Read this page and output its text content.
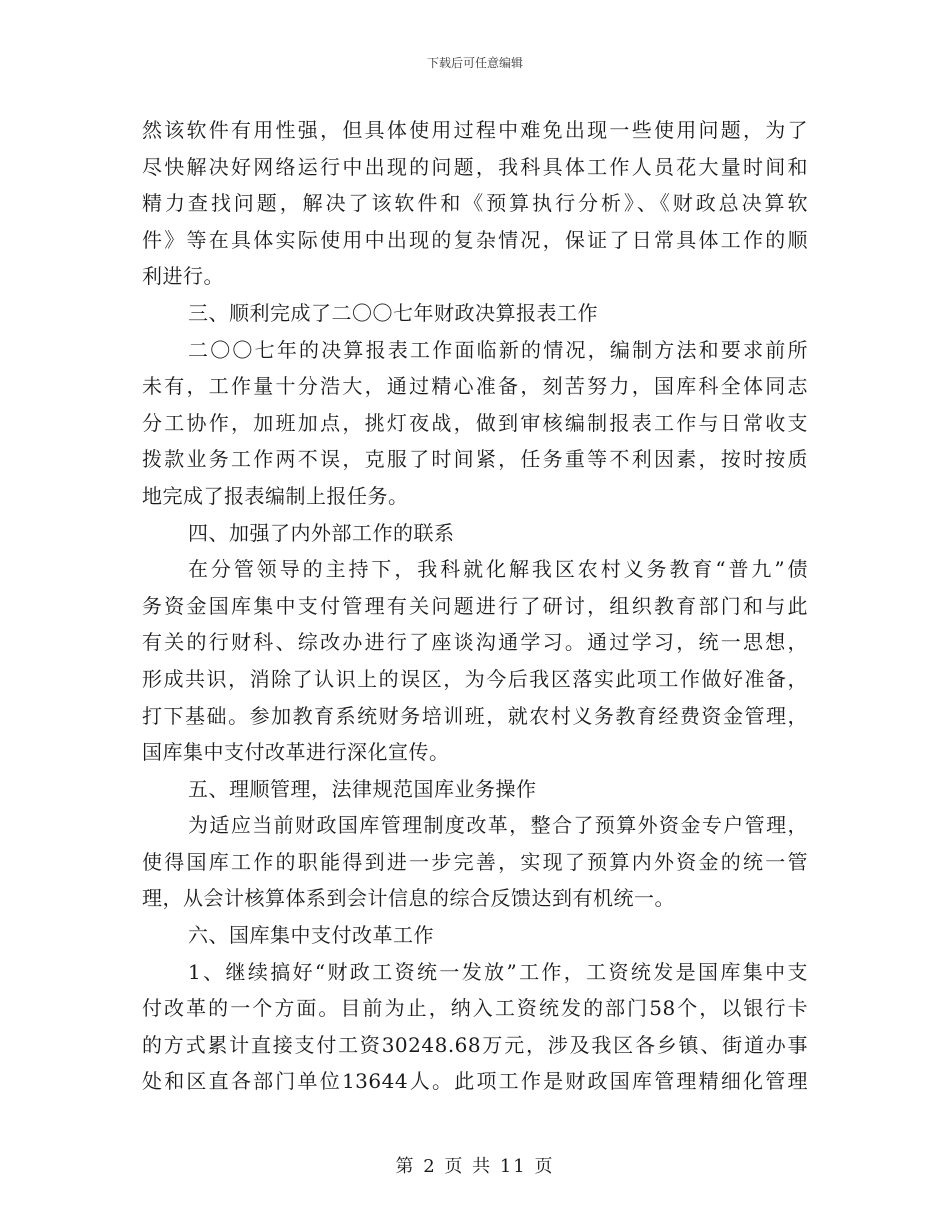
下载后可任意编辑
然该软件有用性强，但具体使用过程中难免出现一些使用问题，为了
尽快解决好网络运行中出现的问题，我科具体工作人员花大量时间和
精力查找问题，解决了该软件和《预算执行分析》、《财政总决算软
件》等在具体实际使用中出现的复杂情况，保证了日常具体工作的顺
利进行。
三、顺利完成了二〇〇七年财政决算报表工作
二〇〇七年的决算报表工作面临新的情况，编制方法和要求前所
未有，工作量十分浩大，通过精心准备，刻苦努力，国库科全体同志
分工协作，加班加点，挑灯夜战，做到审核编制报表工作与日常收支
拨款业务工作两不误，克服了时间紧，任务重等不利因素，按时按质
地完成了报表编制上报任务。
四、加强了内外部工作的联系
在分管领导的主持下，我科就化解我区农村义务教育“普九”债
务资金国库集中支付管理有关问题进行了研讨，组织教育部门和与此
有关的行财科、综改办进行了座谈沟通学习。通过学习，统一思想，
形成共识，消除了认识上的误区，为今后我区落实此项工作做好准备，
打下基础。参加教育系统财务培训班，就农村义务教育经费资金管理，
国库集中支付改革进行深化宣传。
五、理顺管理，法律规范国库业务操作
为适应当前财政国库管理制度改革，整合了预算外资金专户管理，
使得国库工作的职能得到进一步完善，实现了预算内外资金的统一管
理，从会计核算体系到会计信息的综合反馈达到有机统一。
六、国库集中支付改革工作
1、继续搞好“财政工资统一发放”工作，工资统发是国库集中支
付改革的一个方面。目前为止，纳入工资统发的部门58个，以银行卡
的方式累计直接支付工资30248.68万元，涉及我区各乡镇、街道办事
处和区直各部门单位13644人。此项工作是财政国库管理精细化管理
第 2 页 共 11 页
